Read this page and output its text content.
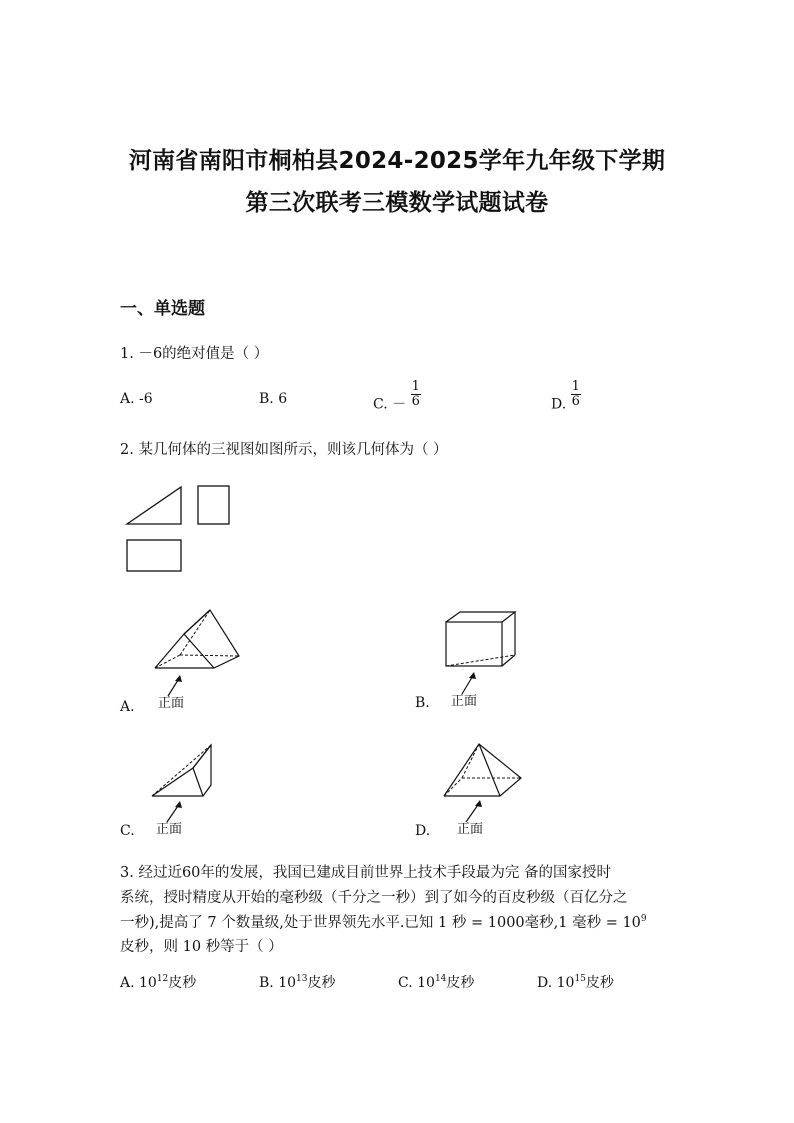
河南省南阳市桐柏县2024-2025学年九年级下学期
第三次联考三模数学试题试卷
一、单选题
1. －6的绝对值是（ ）
A. -6	B. 6	C. － $\frac{1}{6}$	D. $\frac{1}{6}$
2. 某几何体的三视图如图所示，则该几何体为（ ）
A. 正面	B. 正面
C. 正面	D. 正面
3. 经过近60年的发展，我国已建成目前世界上技术手段最为完 备的国家授时
系统，授时精度从开始的毫秒级（千分之一秒）到了如今的百皮秒级（百亿分之
一秒),提高了 7 个数量级,处于世界领先水平.已知 1 秒 = 1000毫秒,1 毫秒 = $10^9$
皮秒，则 10 秒等于（ ）
A. $10^{12}$皮秒	B. $10^{13}$皮秒	C. $10^{14}$皮秒	D. $10^{15}$皮秒
